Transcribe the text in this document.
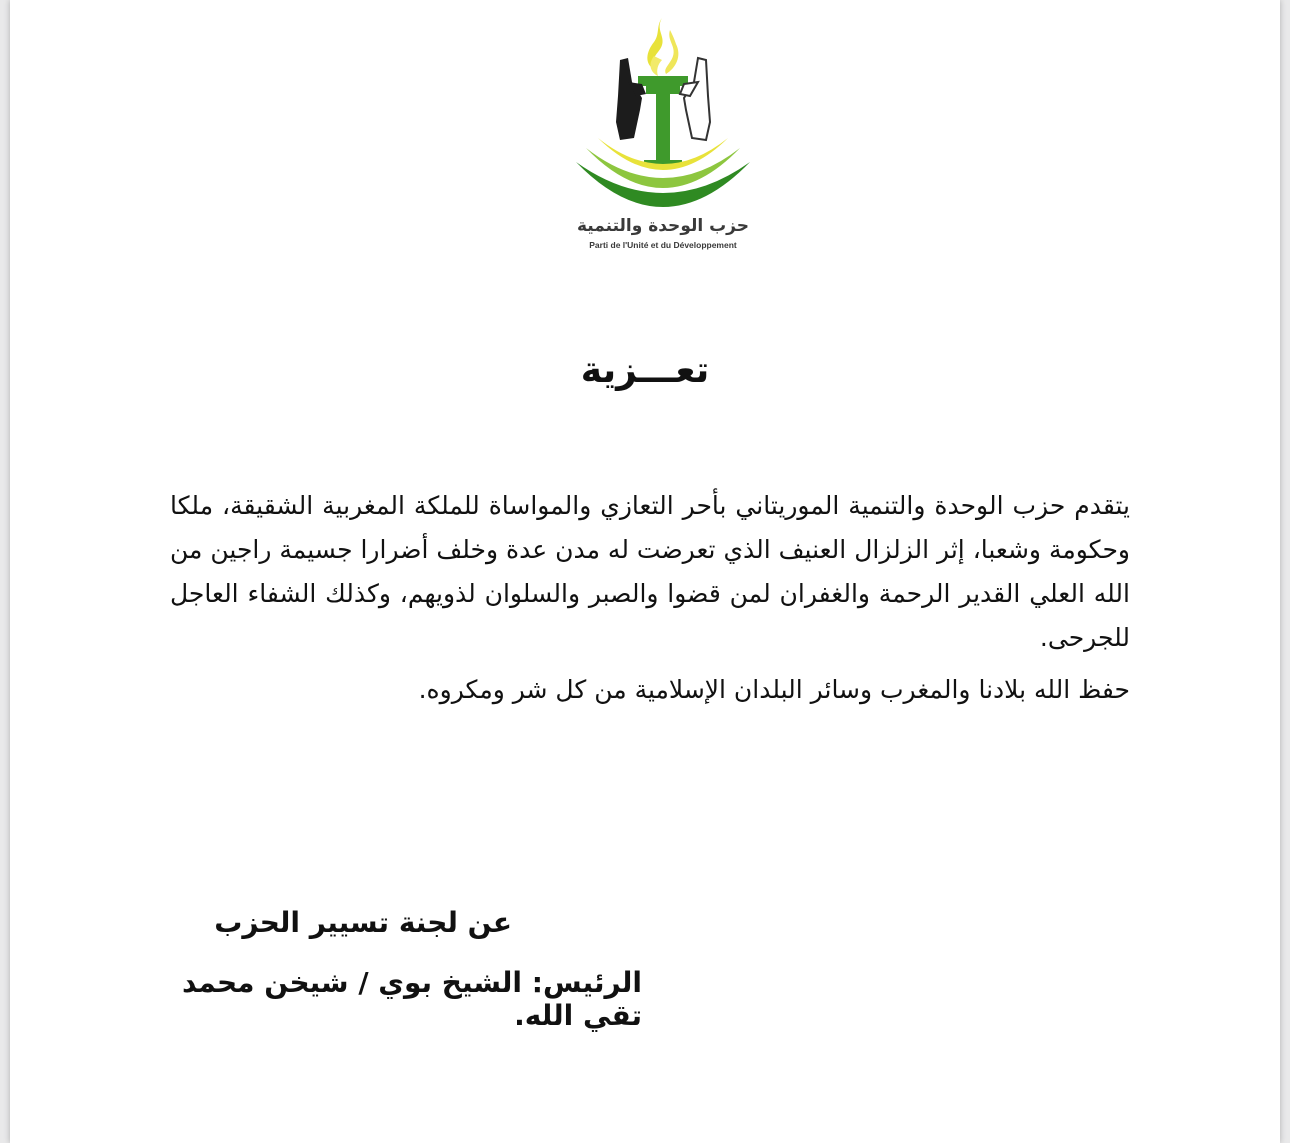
حزب الوحدة والتنمية
Parti de l'Unité et du Développement
تعـــزية
يتقدم حزب الوحدة والتنمية الموريتاني بأحر التعازي والمواساة للملكة المغربية الشقيقة، ملكا وحكومة وشعبا، إثر الزلزال العنيف الذي تعرضت له مدن عدة وخلف أضرارا جسيمة راجين من الله العلي القدير الرحمة والغفران لمن قضوا والصبر والسلوان لذويهم، وكذلك الشفاء العاجل للجرحى.
حفظ الله بلادنا والمغرب وسائر البلدان الإسلامية من كل شر ومكروه.
عن لجنة تسيير الحزب
الرئيس: الشيخ بوي / شيخن محمد تقي الله.
